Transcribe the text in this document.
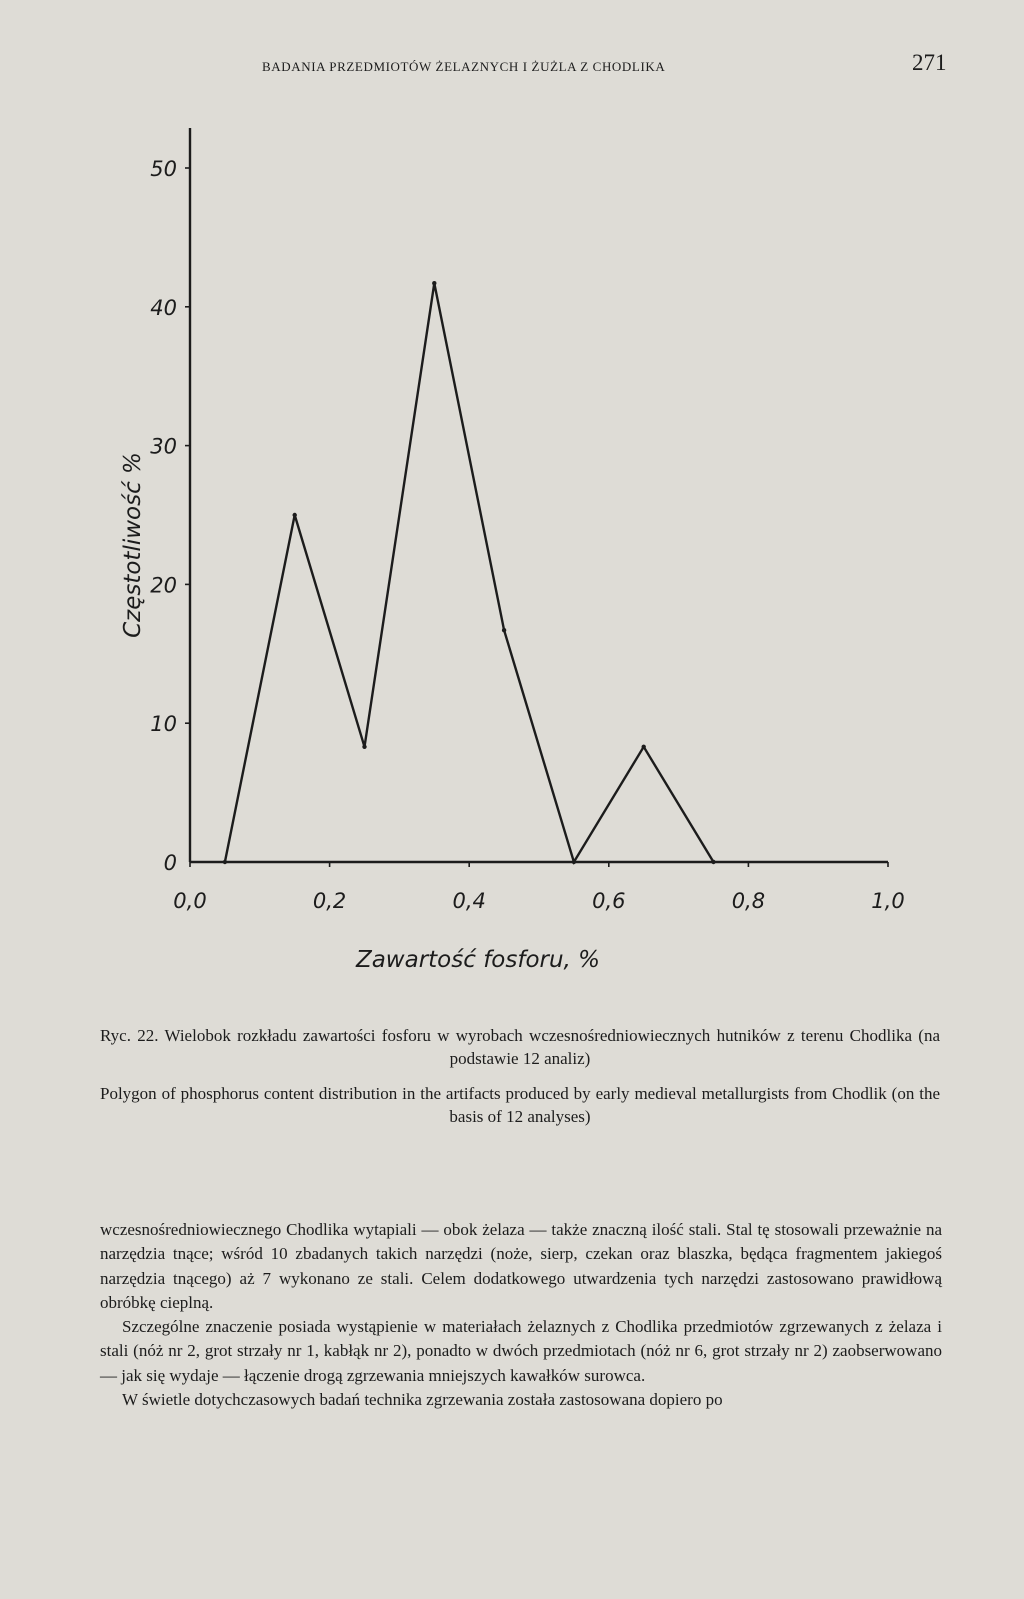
BADANIA PRZEDMIOTÓW ŻELAZNYCH I ŻUŻLA Z CHODLIKA	271
0
10
20
30
40
50
0,0	0,2	0,4	0,6	0,8	1,0
Zawartość fosforu, %
Częstotliwość %
Ryc. 22. Wielobok rozkładu zawartości fosforu w wyrobach wczesnośredniowiecznych hutników z terenu Chodlika (na podstawie 12 analiz)
Polygon of phosphorus content distribution in the artifacts produced by early medieval metallurgists from Chodlik (on the basis of 12 analyses)

wczesnośredniowiecznego Chodlika wytapiali — obok żelaza — także znaczną ilość stali. Stal tę stosowali przeważnie na narzędzia tnące; wśród 10 zbadanych takich narzędzi (noże, sierp, czekan oraz blaszka, będąca fragmentem jakiegoś narzędzia tnącego) aż 7 wykonano ze stali. Celem dodatkowego utwardzenia tych narzędzi zastosowano prawidłową obróbkę cieplną.

Szczególne znaczenie posiada wystąpienie w materiałach żelaznych z Chodlika przedmiotów zgrzewanych z żelaza i stali (nóż nr 2, grot strzały nr 1, kabłąk nr 2), ponadto w dwóch przedmiotach (nóż nr 6, grot strzały nr 2) zaobserwowano — jak się wydaje — łączenie drogą zgrzewania mniejszych kawałków surowca.

W świetle dotychczasowych badań technika zgrzewania została zastosowana dopiero po
